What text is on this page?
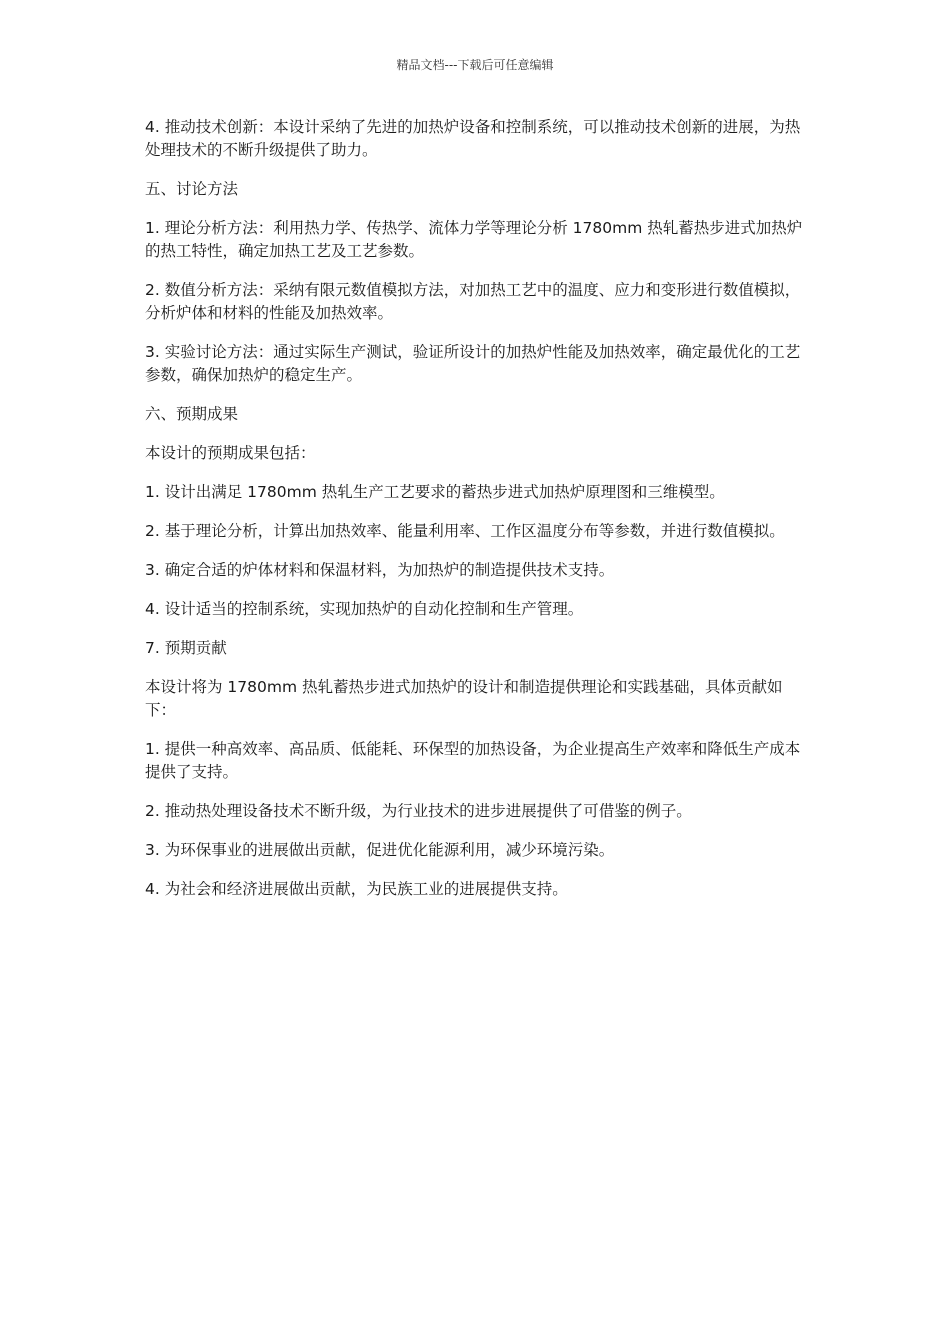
精品文档---下载后可任意编辑

4. 推动技术创新：本设计采纳了先进的加热炉设备和控制系统，可以推动技术创新的进展，为热处理技术的不断升级提供了助力。

五、讨论方法

1. 理论分析方法：利用热力学、传热学、流体力学等理论分析 1780mm 热轧蓄热步进式加热炉的热工特性，确定加热工艺及工艺参数。

2. 数值分析方法：采纳有限元数值模拟方法，对加热工艺中的温度、应力和变形进行数值模拟，分析炉体和材料的性能及加热效率。

3. 实验讨论方法：通过实际生产测试，验证所设计的加热炉性能及加热效率，确定最优化的工艺参数，确保加热炉的稳定生产。

六、预期成果

本设计的预期成果包括：

1. 设计出满足 1780mm 热轧生产工艺要求的蓄热步进式加热炉原理图和三维模型。

2. 基于理论分析，计算出加热效率、能量利用率、工作区温度分布等参数，并进行数值模拟。

3. 确定合适的炉体材料和保温材料，为加热炉的制造提供技术支持。

4. 设计适当的控制系统，实现加热炉的自动化控制和生产管理。

7. 预期贡献

本设计将为 1780mm 热轧蓄热步进式加热炉的设计和制造提供理论和实践基础，具体贡献如下：

1. 提供一种高效率、高品质、低能耗、环保型的加热设备，为企业提高生产效率和降低生产成本提供了支持。

2. 推动热处理设备技术不断升级，为行业技术的进步进展提供了可借鉴的例子。

3. 为环保事业的进展做出贡献，促进优化能源利用，减少环境污染。

4. 为社会和经济进展做出贡献，为民族工业的进展提供支持。
